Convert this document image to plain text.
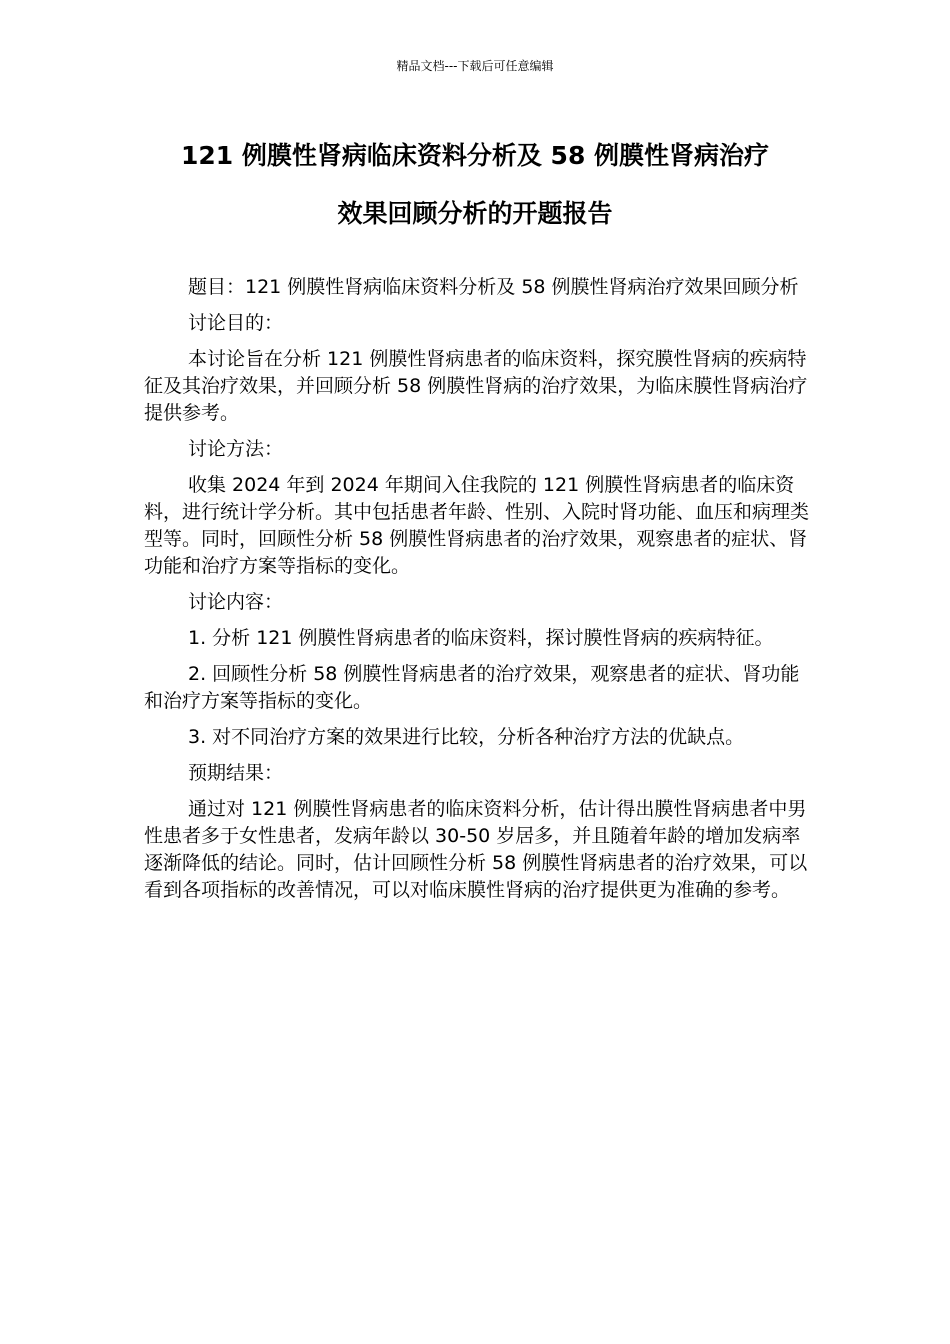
精品文档---下载后可任意编辑
121 例膜性肾病临床资料分析及 58 例膜性肾病治疗
效果回顾分析的开题报告

题目：121 例膜性肾病临床资料分析及 58 例膜性肾病治疗效果回顾分析

讨论目的：

本讨论旨在分析 121 例膜性肾病患者的临床资料，探究膜性肾病的疾病特征及其治疗效果，并回顾分析 58 例膜性肾病的治疗效果，为临床膜性肾病治疗提供参考。

讨论方法：

收集 2024 年到 2024 年期间入住我院的 121 例膜性肾病患者的临床资料，进行统计学分析。其中包括患者年龄、性别、入院时肾功能、血压和病理类型等。同时，回顾性分析 58 例膜性肾病患者的治疗效果，观察患者的症状、肾功能和治疗方案等指标的变化。

讨论内容：

1. 分析 121 例膜性肾病患者的临床资料，探讨膜性肾病的疾病特征。

2. 回顾性分析 58 例膜性肾病患者的治疗效果，观察患者的症状、肾功能和治疗方案等指标的变化。

3. 对不同治疗方案的效果进行比较，分析各种治疗方法的优缺点。

预期结果：

通过对 121 例膜性肾病患者的临床资料分析，估计得出膜性肾病患者中男性患者多于女性患者，发病年龄以 30-50 岁居多，并且随着年龄的增加发病率逐渐降低的结论。同时，估计回顾性分析 58 例膜性肾病患者的治疗效果，可以看到各项指标的改善情况，可以对临床膜性肾病的治疗提供更为准确的参考。
